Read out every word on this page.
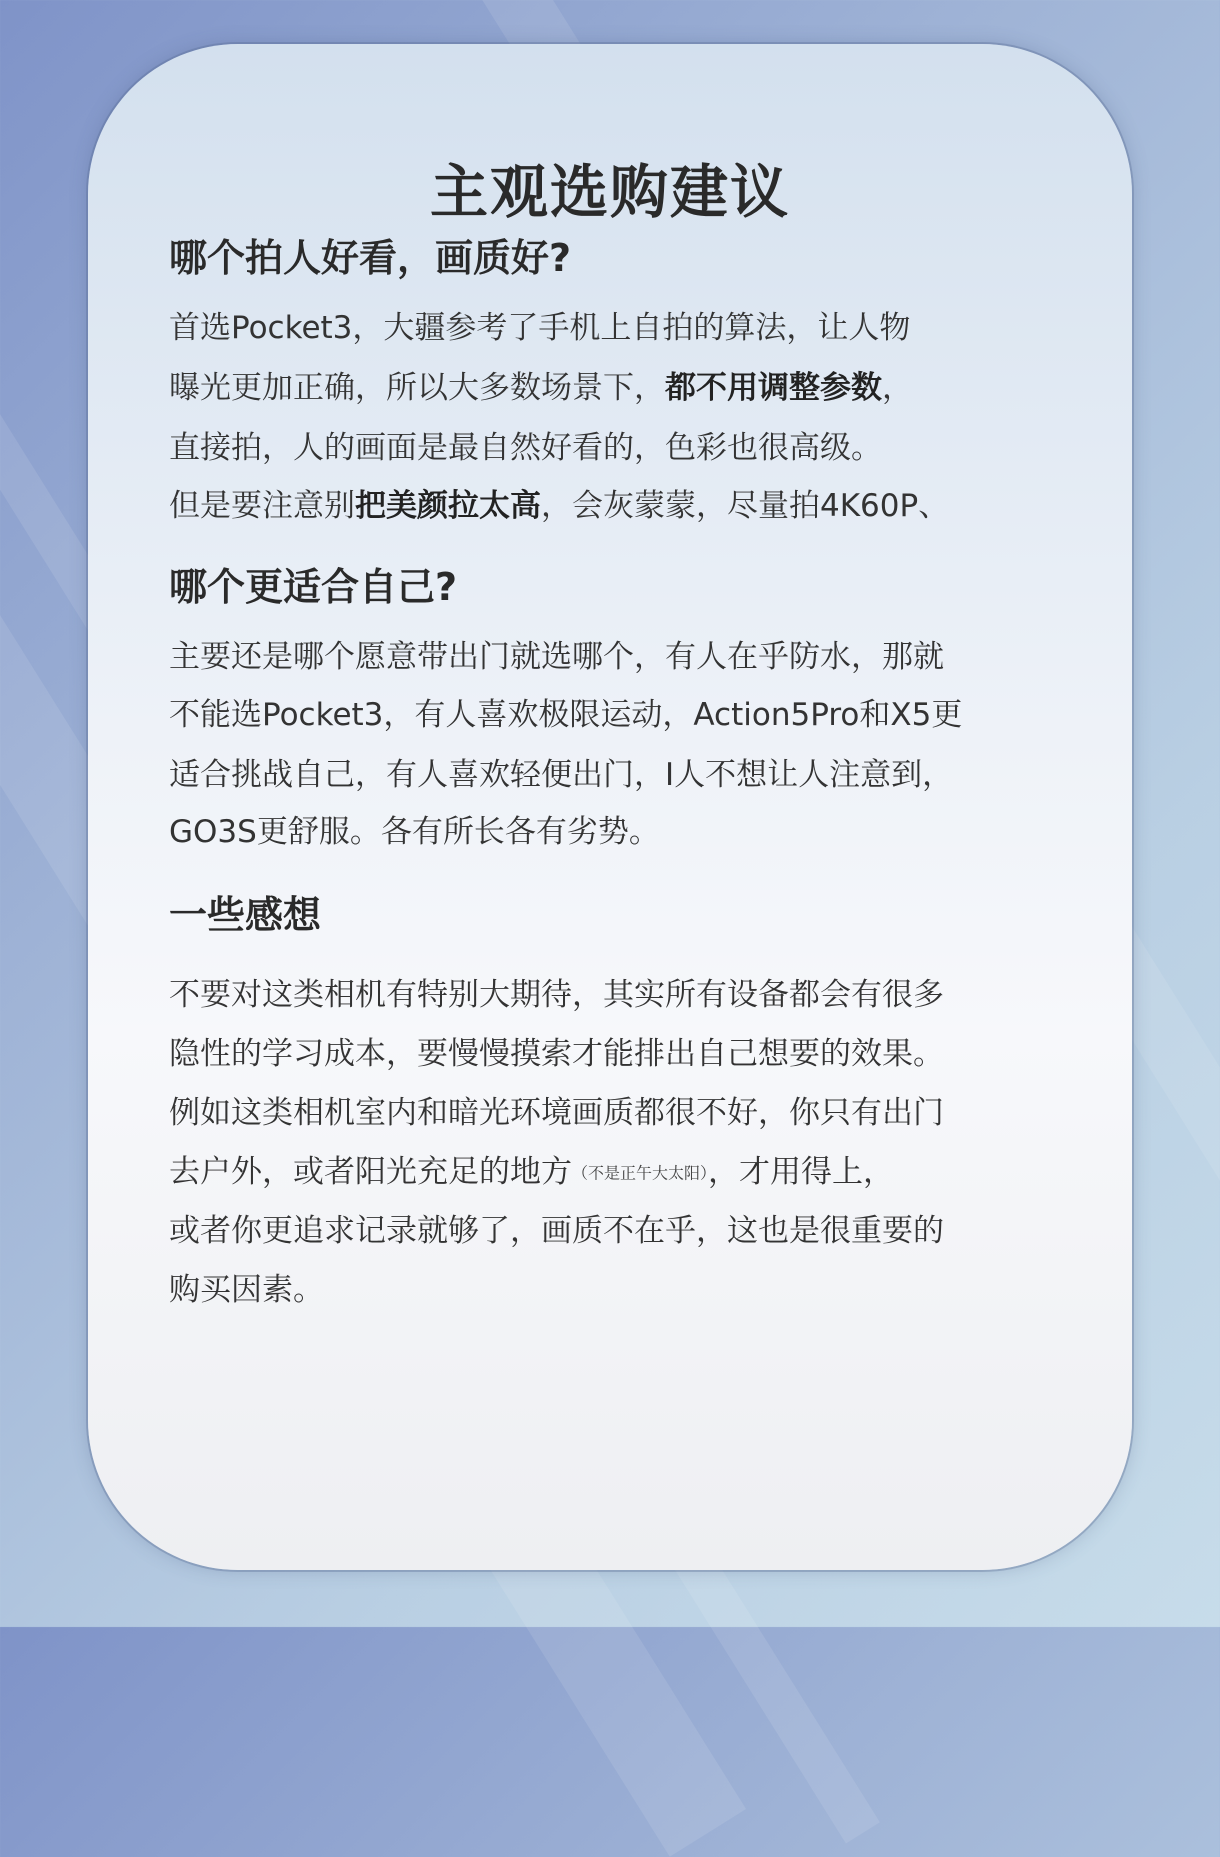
主观选购建议
哪个拍人好看，画质好?
首选Pocket3，大疆参考了手机上自拍的算法，让人物
曝光更加正确，所以大多数场景下，都不用调整参数，
直接拍，人的画面是最自然好看的，色彩也很高级。
但是要注意别把美颜拉太高，会灰蒙蒙，尽量拍4K60P、
哪个更适合自己?
主要还是哪个愿意带出门就选哪个，有人在乎防水，那就
不能选Pocket3，有人喜欢极限运动，Action5Pro和X5更
适合挑战自己，有人喜欢轻便出门，I人不想让人注意到，
GO3S更舒服。各有所长各有劣势。
一些感想
不要对这类相机有特别大期待，其实所有设备都会有很多
隐性的学习成本，要慢慢摸索才能排出自己想要的效果。
例如这类相机室内和暗光环境画质都很不好，你只有出门
去户外，或者阳光充足的地方（不是正午大太阳），才用得上，
或者你更追求记录就够了，画质不在乎，这也是很重要的
购买因素。
